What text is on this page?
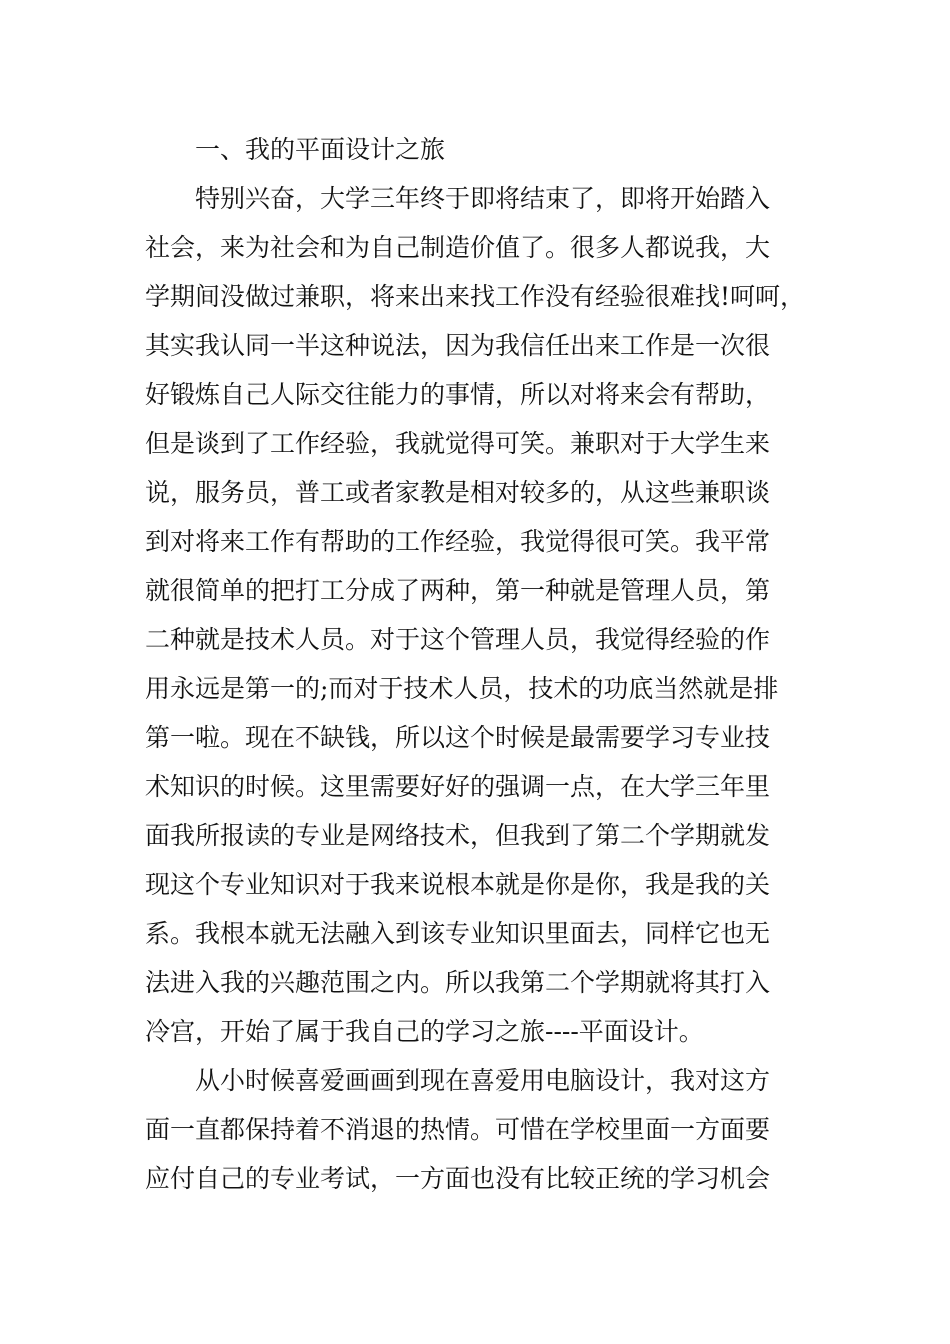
一、我的平面设计之旅
特别兴奋，大学三年终于即将结束了，即将开始踏入
社会，来为社会和为自己制造价值了。很多人都说我，大
学期间没做过兼职，将来出来找工作没有经验很难找!呵呵，
其实我认同一半这种说法，因为我信任出来工作是一次很
好锻炼自己人际交往能力的事情，所以对将来会有帮助，
但是谈到了工作经验，我就觉得可笑。兼职对于大学生来
说，服务员，普工或者家教是相对较多的，从这些兼职谈
到对将来工作有帮助的工作经验，我觉得很可笑。我平常
就很简单的把打工分成了两种，第一种就是管理人员，第
二种就是技术人员。对于这个管理人员，我觉得经验的作
用永远是第一的;而对于技术人员，技术的功底当然就是排
第一啦。现在不缺钱，所以这个时候是最需要学习专业技
术知识的时候。这里需要好好的强调一点，在大学三年里
面我所报读的专业是网络技术，但我到了第二个学期就发
现这个专业知识对于我来说根本就是你是你，我是我的关
系。我根本就无法融入到该专业知识里面去，同样它也无
法进入我的兴趣范围之内。所以我第二个学期就将其打入
冷宫，开始了属于我自己的学习之旅----平面设计。
从小时候喜爱画画到现在喜爱用电脑设计，我对这方
面一直都保持着不消退的热情。可惜在学校里面一方面要
应付自己的专业考试，一方面也没有比较正统的学习机会
